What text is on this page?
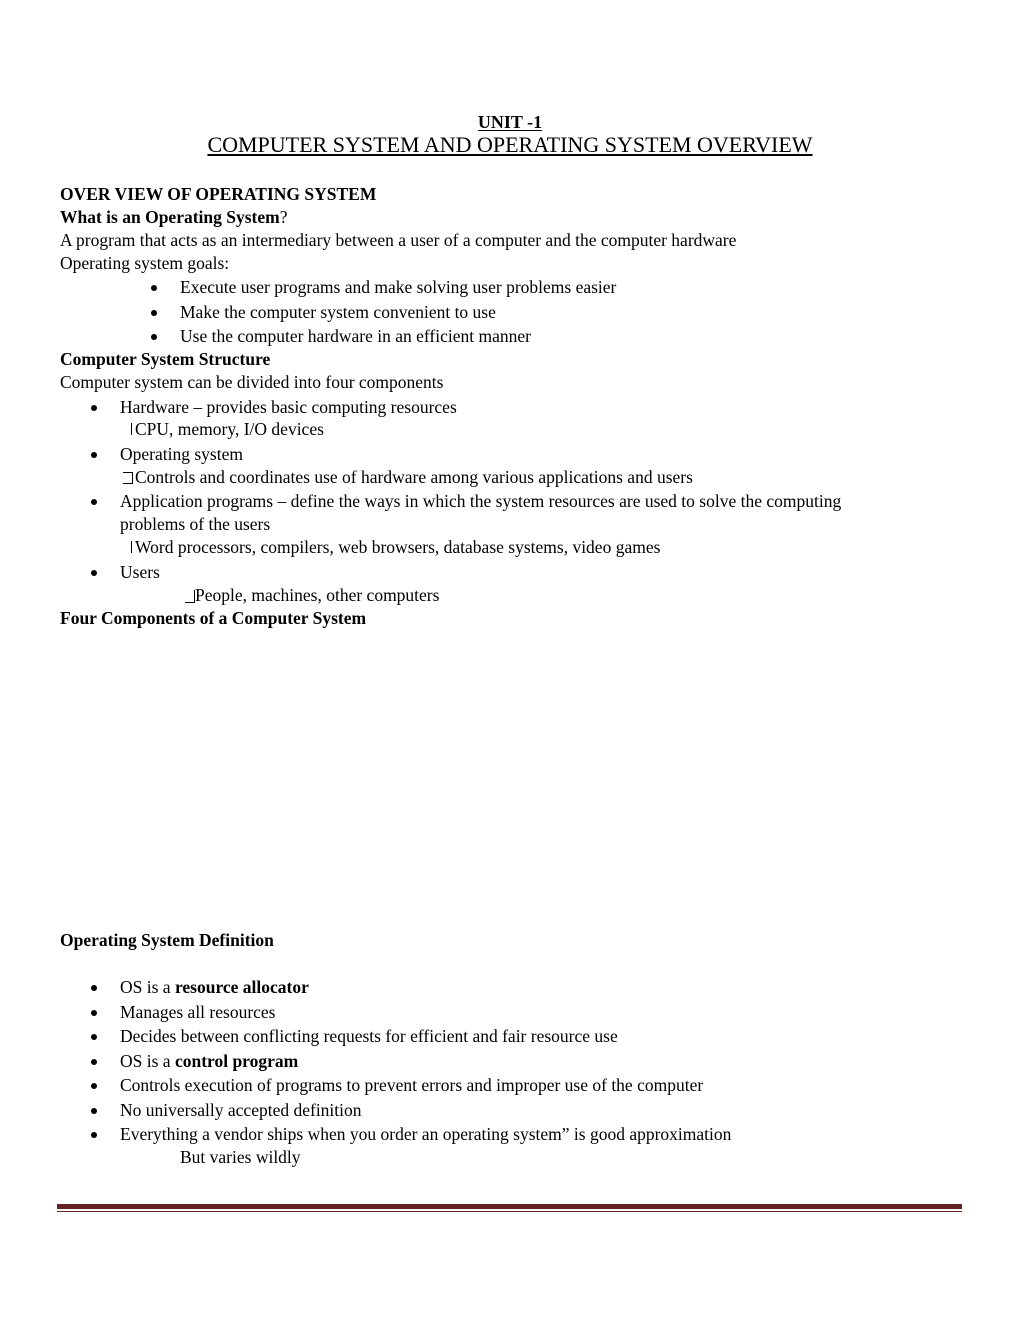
UNIT -1
COMPUTER SYSTEM AND OPERATING SYSTEM OVERVIEW
OVER VIEW OF OPERATING SYSTEM
What is an Operating System?
A program that acts as an intermediary between a user of a computer and the computer hardware
Operating system goals:
Execute user programs and make solving user problems easier
Make the computer system convenient to use
Use the computer hardware in an efficient manner
Computer System Structure
Computer system can be divided into four components
Hardware – provides basic computing resources
CPU, memory, I/O devices
Operating system
Controls and coordinates use of hardware among various applications and users
Application programs – define the ways in which the system resources are used to solve the computing
problems of the users
Word processors, compilers, web browsers, database systems, video games
Users
People, machines, other computers
Four Components of a Computer System
Operating System Definition
OS is a resource allocator
Manages all resources
Decides between conflicting requests for efficient and fair resource use
OS is a control program
Controls execution of programs to prevent errors and improper use of the computer
No universally accepted definition
Everything a vendor ships when you order an operating system” is good approximation
But varies wildly
